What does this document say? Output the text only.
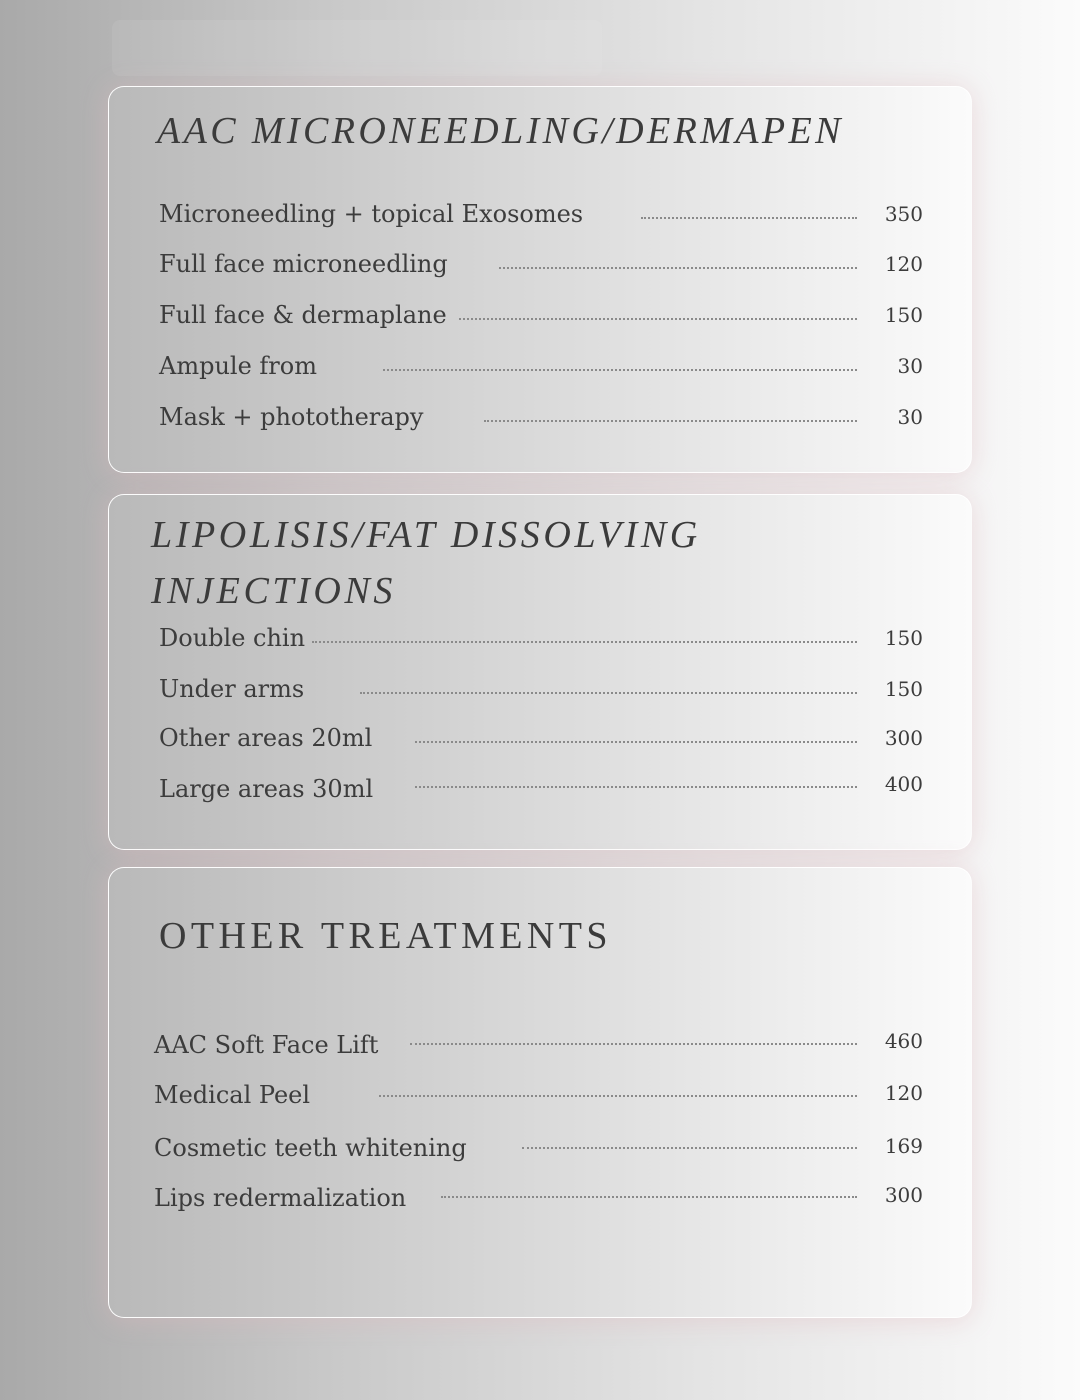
AAC MICRONEEDLING/DERMAPEN
Microneedling + topical Exosomes	350
Full face microneedling	120
Full face & dermaplane	150
Ampule from	30
Mask + phototherapy	30
LIPOLISIS/FAT DISSOLVING
INJECTIONS
Double chin	150
Under arms	150
Other areas 20ml	300
Large areas 30ml	400
OTHER TREATMENTS
AAC Soft Face Lift	460
Medical Peel	120
Cosmetic teeth whitening	169
Lips redermalization	300
